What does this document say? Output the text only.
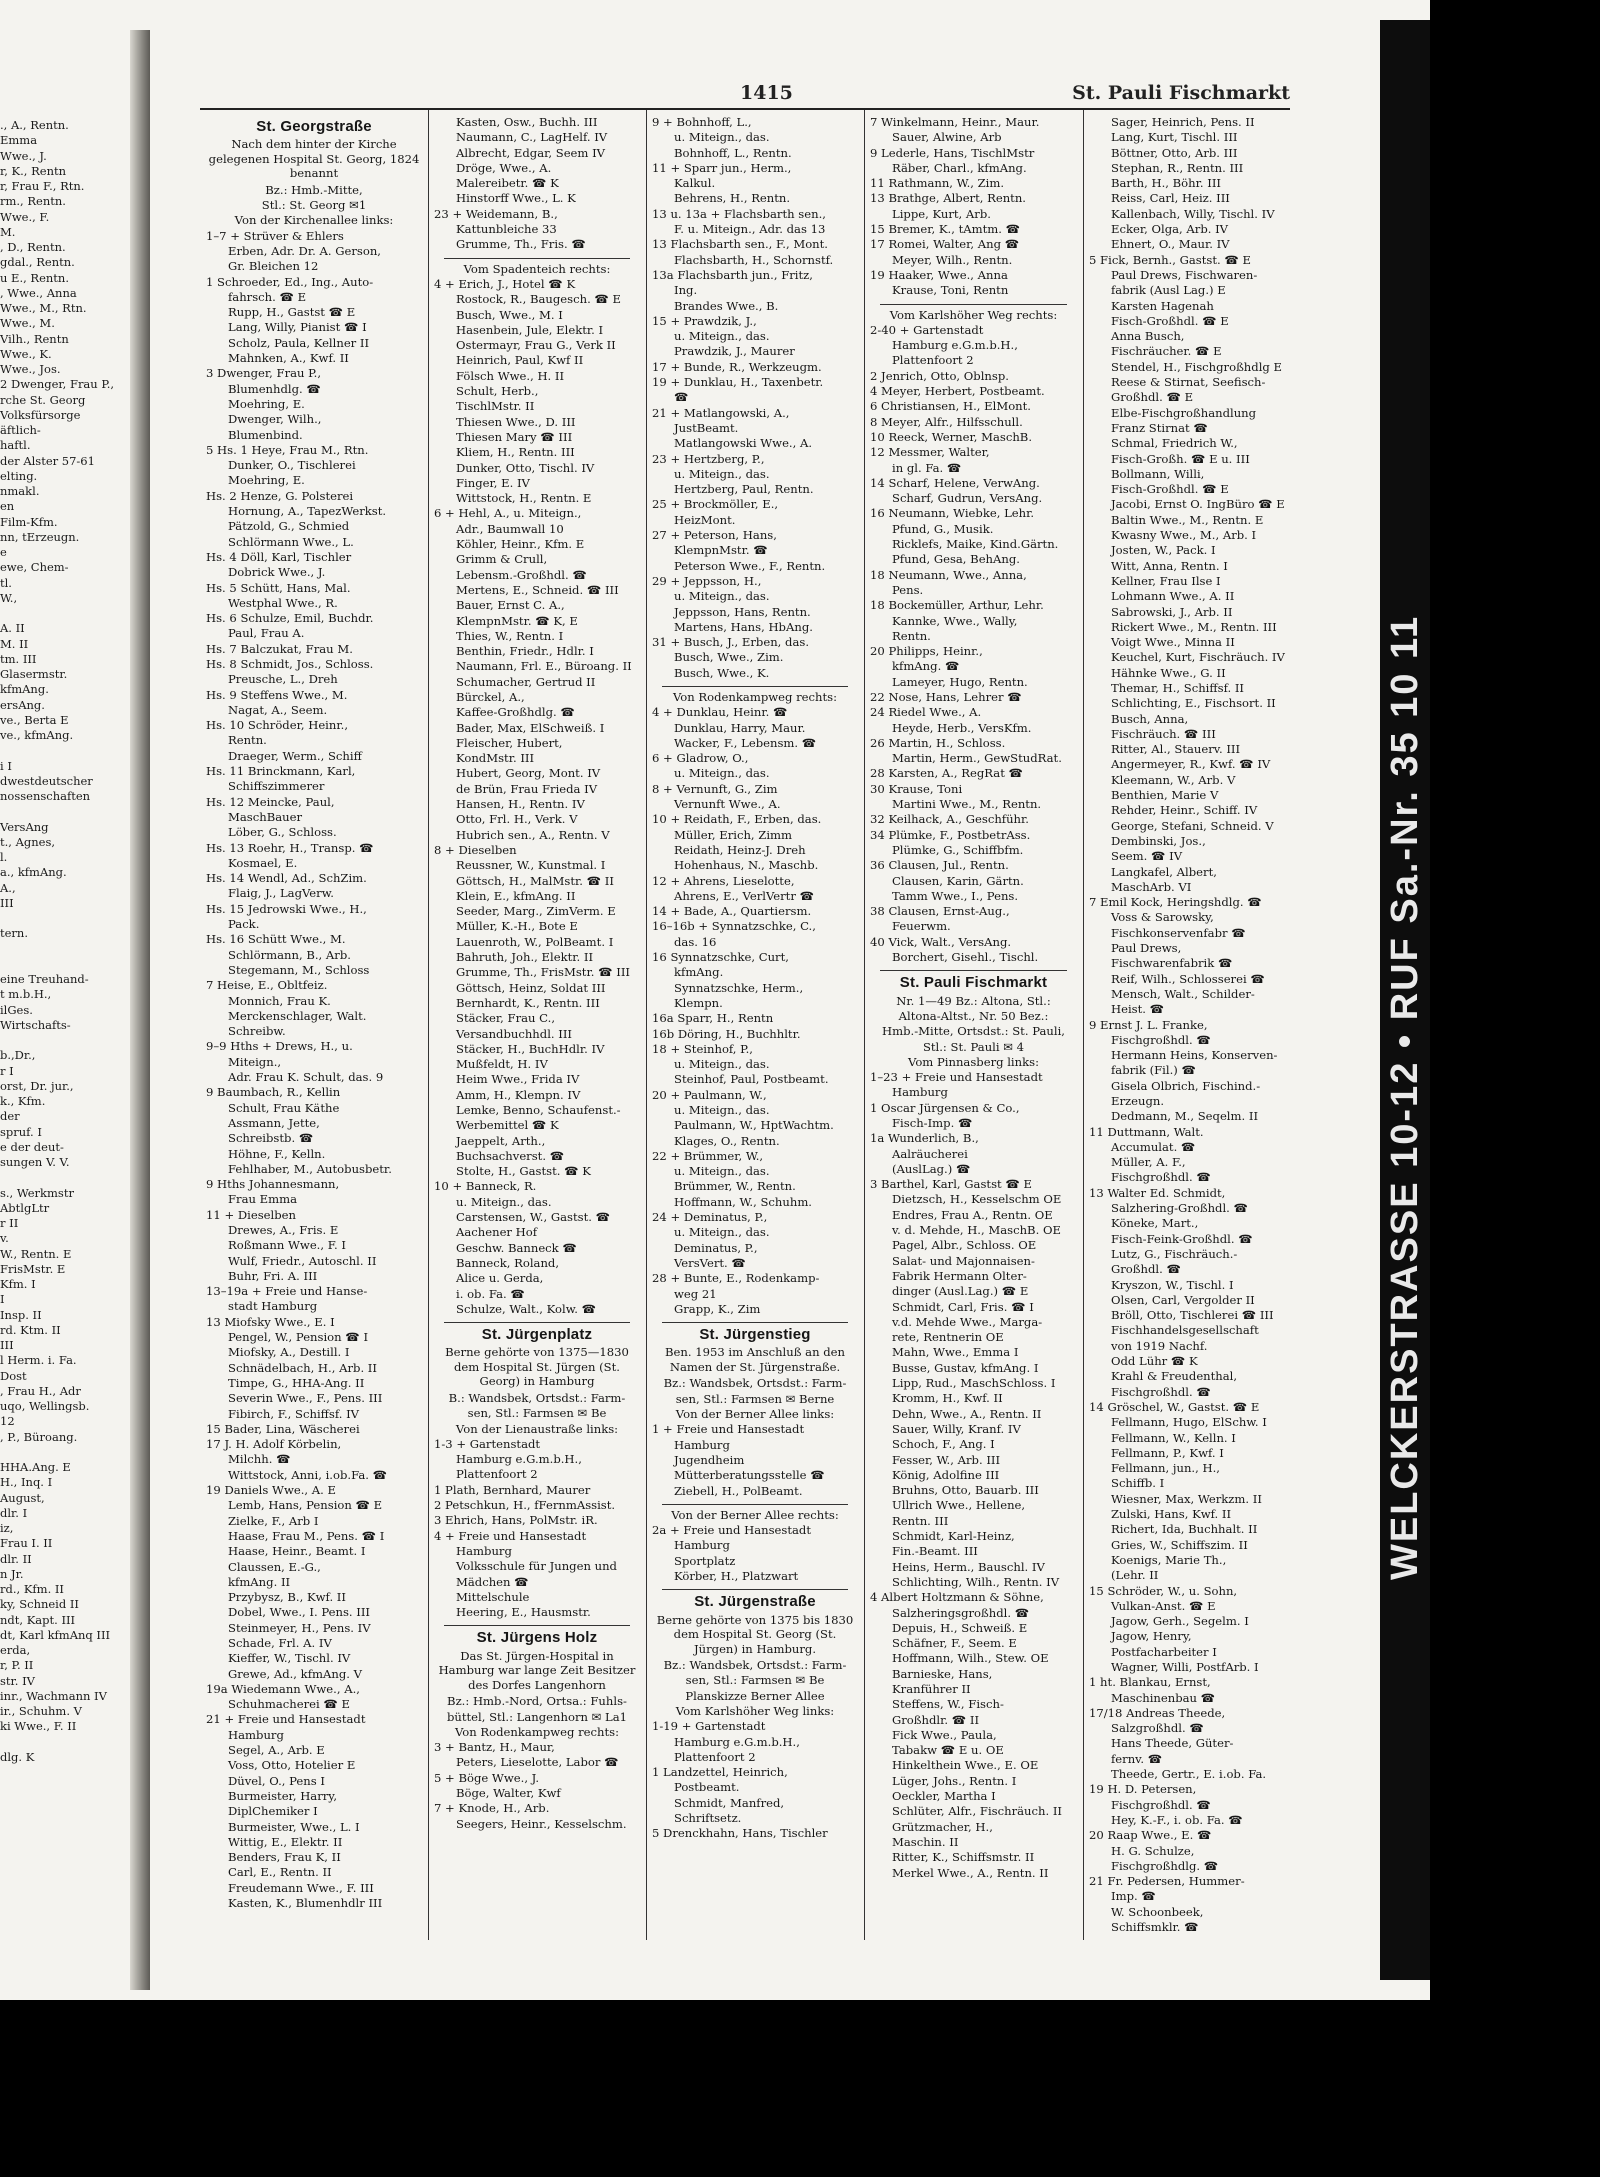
., A., Rentn.
Emma
Wwe., J.
r, K., Rentn
r, Frau F., Rtn.
rm., Rentn.
Wwe., F.
M.
, D., Rentn.
gdal., Rentn.
u E., Rentn.
, Wwe., Anna
Wwe., M., Rtn.
Wwe., M.
Vilh., Rentn
Wwe., K.
Wwe., Jos.
2 Dwenger, Frau P.,
rche St. Georg
Volksfürsorge
äftlich-
haftl.
der Alster 57-61
elting.
nmakl.
en
Film-Kfm.
nn, tErzeugn.
e
ewe, Chem-
tl.
W.,

A. II
M. II
tm. III
Glasermstr.
kfmAng.
ersAng.
ve., Berta E
ve., kfmAng.

i I
dwestdeutscher
nossenschaften

VersAng
t., Agnes,
l.
a., kfmAng.
A.,
III

tern.

eine Treuhand-
t m.b.H.,
ilGes.
Wirtschafts-

b.,Dr.,
r I
orst, Dr. jur.,
k., Kfm.
der
spruf. I
e der deut-
sungen V. V.

s., Werkmstr
AbtlgLtr
r II
v.
W., Rentn. E
FrisMstr. E
Kfm. I
I
Insp. II
rd. Ktm. II
III
l Herm. i. Fa.
Dost
, Frau H., Adr
uqo, Wellingsb.
12
, P., Büroang.

HHA.Ang. E
H., Inq. I
August,
dlr. I
iz,
Frau I. II
dlr. II
n Jr.
rd., Kfm. II
ky, Schneid II
ndt, Kapt. III
dt, Karl kfmAnq III
erda,
r, P. II
str. IV
inr., Wachmann IV
ir., Schuhm. V
ki Wwe., F. II

dlg. K
1415	St. Pauli Fischmarkt
St. Georgstraße
Nach dem hinter der Kirche gelegenen Hospital St. Georg, 1824 benannt
Bz.: Hmb.-Mitte,
Stl.: St. Georg ✉1
Von der Kirchenallee links:
1–7 + Strüver & Ehlers
Erben, Adr. Dr. A. Gerson,
Gr. Bleichen 12
1 Schroeder, Ed., Ing., Auto-
fahrsch. ☎ E
Rupp, H., Gastst ☎ E
Lang, Willy, Pianist ☎ I
Scholz, Paula, Kellner II
Mahnken, A., Kwf. II
3 Dwenger, Frau P.,
Blumenhdlg. ☎
Moehring, E.
Dwenger, Wilh.,
Blumenbind.
5 Hs. 1 Heye, Frau M., Rtn.
Dunker, O., Tischlerei
Moehring, E.
Hs. 2 Henze, G. Polsterei
Hornung, A., TapezWerkst.
Pätzold, G., Schmied
Schlörmann Wwe., L.
Hs. 4 Döll, Karl, Tischler
Dobrick Wwe., J.
Hs. 5 Schütt, Hans, Mal.
Westphal Wwe., R.
Hs. 6 Schulze, Emil, Buchdr.
Paul, Frau A.
Hs. 7 Balczukat, Frau M.
Hs. 8 Schmidt, Jos., Schloss.
Preusche, L., Dreh
Hs. 9 Steffens Wwe., M.
Nagat, A., Seem.
Hs. 10 Schröder, Heinr.,
Rentn.
Draeger, Werm., Schiff
Hs. 11 Brinckmann, Karl,
Schiffszimmerer
Hs. 12 Meincke, Paul,
MaschBauer
Löber, G., Schloss.
Hs. 13 Roehr, H., Transp. ☎
Kosmael, E.
Hs. 14 Wendl, Ad., SchZim.
Flaig, J., LagVerw.
Hs. 15 Jedrowski Wwe., H.,
Pack.
Hs. 16 Schütt Wwe., M.
Schlörmann, B., Arb.
Stegemann, M., Schloss
7 Heise, E., Obltfeiz.
Monnich, Frau K.
Merckenschlager, Walt.
Schreibw.
9–9 Hths + Drews, H., u.
Miteign.,
Adr. Frau K. Schult, das. 9
9 Baumbach, R., Kellin
Schult, Frau Käthe
Assmann, Jette,
Schreibstb. ☎
Höhne, F., Kelln.
Fehlhaber, M., Autobusbetr.
9 Hths Johannesmann,
Frau Emma
11 + Dieselben
Drewes, A., Fris. E
Roßmann Wwe., F. I
Wulf, Friedr., Autoschl. II
Buhr, Fri. A. III
13–19a + Freie und Hanse-
stadt Hamburg
13 Miofsky Wwe., E. I
Pengel, W., Pension ☎ I
Miofsky, A., Destill. I
Schnädelbach, H., Arb. II
Timpe, G., HHA-Ang. II
Severin Wwe., F., Pens. III
Fibirch, F., Schiffsf. IV
15 Bader, Lina, Wäscherei
17 J. H. Adolf Körbelin,
Milchh. ☎
Wittstock, Anni, i.ob.Fa. ☎
19 Daniels Wwe., A. E
Lemb, Hans, Pension ☎ E
Zielke, F., Arb I
Haase, Frau M., Pens. ☎ I
Haase, Heinr., Beamt. I
Claussen, E.-G.,
kfmAng. II
Przybysz, B., Kwf. II
Dobel, Wwe., I. Pens. III
Steinmeyer, H., Pens. IV
Schade, Frl. A. IV
Kieffer, W., Tischl. IV
Grewe, Ad., kfmAng. V
19a Wiedemann Wwe., A.,
Schuhmacherei ☎ E
21 + Freie und Hansestadt
Hamburg
Segel, A., Arb. E
Voss, Otto, Hotelier E
Düvel, O., Pens I
Burmeister, Harry,
DiplChemiker I
Burmeister, Wwe., L. I
Wittig, E., Elektr. II
Benders, Frau K, II
Carl, E., Rentn. II
Freudemann Wwe., F. III
Kasten, K., Blumenhdlr III
Kasten, Osw., Buchh. III
Naumann, C., LagHelf. IV
Albrecht, Edgar, Seem IV
Dröge, Wwe., A.
Malereibetr. ☎ K
Hinstorff Wwe., L. K
23 + Weidemann, B.,
Kattunbleiche 33
Grumme, Th., Fris. ☎
Vom Spadenteich rechts:
4 + Erich, J., Hotel ☎ K
Rostock, R., Baugesch. ☎ E
Busch, Wwe., M. I
Hasenbein, Jule, Elektr. I
Ostermayr, Frau G., Verk II
Heinrich, Paul, Kwf II
Fölsch Wwe., H. II
Schult, Herb.,
TischlMstr. II
Thiesen Wwe., D. III
Thiesen Mary ☎ III
Kliem, H., Rentn. III
Dunker, Otto, Tischl. IV
Finger, E. IV
Wittstock, H., Rentn. E
6 + Hehl, A., u. Miteign.,
Adr., Baumwall 10
Köhler, Heinr., Kfm. E
Grimm & Crull,
Lebensm.-Großhdl. ☎
Mertens, E., Schneid. ☎ III
Bauer, Ernst C. A.,
KlempnMstr. ☎ K, E
Thies, W., Rentn. I
Benthin, Friedr., Hdlr. I
Naumann, Frl. E., Büroang. II
Schumacher, Gertrud II
Bürckel, A.,
Kaffee-Großhdlg. ☎
Bader, Max, ElSchweiß. I
Fleischer, Hubert,
KondMstr. III
Hubert, Georg, Mont. IV
de Brün, Frau Frieda IV
Hansen, H., Rentn. IV
Otto, Frl. H., Verk. V
Hubrich sen., A., Rentn. V
8 + Dieselben
Reussner, W., Kunstmal. I
Göttsch, H., MalMstr. ☎ II
Klein, E., kfmAng. II
Seeder, Marg., ZimVerm. E
Müller, K.-H., Bote E
Lauenroth, W., PolBeamt. I
Bahruth, Joh., Elektr. II
Grumme, Th., FrisMstr. ☎ III
Göttsch, Heinz, Soldat III
Bernhardt, K., Rentn. III
Stäcker, Frau C.,
Versandbuchhdl. III
Stäcker, H., BuchHdlr. IV
Mußfeldt, H. IV
Heim Wwe., Frida IV
Amm, H., Klempn. IV
Lemke, Benno, Schaufenst.-
Werbemittel ☎ K
Jaeppelt, Arth.,
Buchsachverst. ☎
Stolte, H., Gastst. ☎ K
10 + Banneck, R.
u. Miteign., das.
Carstensen, W., Gastst. ☎
Aachener Hof
Geschw. Banneck ☎
Banneck, Roland,
Alice u. Gerda,
i. ob. Fa. ☎
Schulze, Walt., Kolw. ☎
St. Jürgenplatz
Berne gehörte von 1375—1830 dem Hospital St. Jürgen (St. Georg) in Hamburg
B.: Wandsbek, Ortsdst.: Farm-
sen, Stl.: Farmsen ✉ Be
Von der Lienaustraße links:
1-3 + Gartenstadt
Hamburg e.G.m.b.H.,
Plattenfoort 2
1 Plath, Bernhard, Maurer
2 Petschkun, H., fFernmAssist.
3 Ehrich, Hans, PolMstr. iR.
4 + Freie und Hansestadt
Hamburg
Volksschule für Jungen und
Mädchen ☎
Mittelschule
Heering, E., Hausmstr.
St. Jürgens Holz
Das St. Jürgen-Hospital in Hamburg war lange Zeit Besitzer des Dorfes Langenhorn
Bz.: Hmb.-Nord, Ortsa.: Fuhls-
büttel, Stl.: Langenhorn ✉ La1
Von Rodenkampweg rechts:
3 + Bantz, H., Maur,
Peters, Lieselotte, Labor ☎
5 + Böge Wwe., J.
Böge, Walter, Kwf
7 + Knode, H., Arb.
Seegers, Heinr., Kesselschm.
9 + Bohnhoff, L.,
u. Miteign., das.
Bohnhoff, L., Rentn.
11 + Sparr jun., Herm.,
Kalkul.
Behrens, H., Rentn.
13 u. 13a + Flachsbarth sen.,
F. u. Miteign., Adr. das 13
13 Flachsbarth sen., F., Mont.
Flachsbarth, H., Schornstf.
13a Flachsbarth jun., Fritz,
Ing.
Brandes Wwe., B.
15 + Prawdzik, J.,
u. Miteign., das.
Prawdzik, J., Maurer
17 + Bunde, R., Werkzeugm.
19 + Dunklau, H., Taxenbetr.
☎
21 + Matlangowski, A.,
JustBeamt.
Matlangowski Wwe., A.
23 + Hertzberg, P.,
u. Miteign., das.
Hertzberg, Paul, Rentn.
25 + Brockmöller, E.,
HeizMont.
27 + Peterson, Hans,
KlempnMstr. ☎
Peterson Wwe., F., Rentn.
29 + Jeppsson, H.,
u. Miteign., das.
Jeppsson, Hans, Rentn.
Martens, Hans, HbAng.
31 + Busch, J., Erben, das.
Busch, Wwe., Zim.
Busch, Wwe., K.
Von Rodenkampweg rechts:
4 + Dunklau, Heinr. ☎
Dunklau, Harry, Maur.
Wacker, F., Lebensm. ☎
6 + Gladrow, O.,
u. Miteign., das.
8 + Vernunft, G., Zim
Vernunft Wwe., A.
10 + Reidath, F., Erben, das.
Müller, Erich, Zimm
Reidath, Heinz-J. Dreh
Hohenhaus, N., Maschb.
12 + Ahrens, Lieselotte,
Ahrens, E., VerlVertr ☎
14 + Bade, A., Quartiersm.
16–16b + Synnatzschke, C.,
das. 16
16 Synnatzschke, Curt,
kfmAng.
Synnatzschke, Herm.,
Klempn.
16a Sparr, H., Rentn
16b Döring, H., Buchhltr.
18 + Steinhof, P.,
u. Miteign., das.
Steinhof, Paul, Postbeamt.
20 + Paulmann, W.,
u. Miteign., das.
Paulmann, W., HptWachtm.
Klages, O., Rentn.
22 + Brümmer, W.,
u. Miteign., das.
Brümmer, W., Rentn.
Hoffmann, W., Schuhm.
24 + Deminatus, P.,
u. Miteign., das.
Deminatus, P.,
VersVert. ☎
28 + Bunte, E., Rodenkamp-
weg 21
Grapp, K., Zim
St. Jürgenstieg
Ben. 1953 im Anschluß an den Namen der St. Jürgenstraße.
Bz.: Wandsbek, Ortsdst.: Farm-
sen, Stl.: Farmsen ✉ Berne
Von der Berner Allee links:
1 + Freie und Hansestadt
Hamburg
Jugendheim
Mütterberatungsstelle ☎
Ziebell, H., PolBeamt.
Von der Berner Allee rechts:
2a + Freie und Hansestadt
Hamburg
Sportplatz
Körber, H., Platzwart
St. Jürgenstraße
Berne gehörte von 1375 bis 1830 dem Hospital St. Georg (St. Jürgen) in Hamburg.
Bz.: Wandsbek, Ortsdst.: Farm-
sen, Stl.: Farmsen ✉ Be
Planskizze Berner Allee
Vom Karlshöher Weg links:
1-19 + Gartenstadt
Hamburg e.G.m.b.H.,
Plattenfoort 2
1 Landzettel, Heinrich,
Postbeamt.
Schmidt, Manfred,
Schriftsetz.
5 Drenckhahn, Hans, Tischler
7 Winkelmann, Heinr., Maur.
Sauer, Alwine, Arb
9 Lederle, Hans, TischlMstr
Räber, Charl., kfmAng.
11 Rathmann, W., Zim.
13 Brathge, Albert, Rentn.
Lippe, Kurt, Arb.
15 Bremer, K., tAmtm. ☎
17 Romei, Walter, Ang ☎
Meyer, Wilh., Rentn.
19 Haaker, Wwe., Anna
Krause, Toni, Rentn
Vom Karlshöher Weg rechts:
2-40 + Gartenstadt
Hamburg e.G.m.b.H.,
Plattenfoort 2
2 Jenrich, Otto, Oblnsp.
4 Meyer, Herbert, Postbeamt.
6 Christiansen, H., ElMont.
8 Meyer, Alfr., Hilfsschull.
10 Reeck, Werner, MaschB.
12 Messmer, Walter,
in gl. Fa. ☎
14 Scharf, Helene, VerwAng.
Scharf, Gudrun, VersAng.
16 Neumann, Wiebke, Lehr.
Pfund, G., Musik.
Ricklefs, Maike, Kind.Gärtn.
Pfund, Gesa, BehAng.
18 Neumann, Wwe., Anna,
Pens.
18 Bockemüller, Arthur, Lehr.
Kannke, Wwe., Wally,
Rentn.
20 Philipps, Heinr.,
kfmAng. ☎
Lameyer, Hugo, Rentn.
22 Nose, Hans, Lehrer ☎
24 Riedel Wwe., A.
Heyde, Herb., VersKfm.
26 Martin, H., Schloss.
Martin, Herm., GewStudRat.
28 Karsten, A., RegRat ☎
30 Krause, Toni
Martini Wwe., M., Rentn.
32 Keilhack, A., Geschführ.
34 Plümke, F., PostbetrAss.
Plümke, G., Schiffbfm.
36 Clausen, Jul., Rentn.
Clausen, Karin, Gärtn.
Tamm Wwe., I., Pens.
38 Clausen, Ernst-Aug.,
Feuerwm.
40 Vick, Walt., VersAng.
Borchert, Gisehl., Tischl.
St. Pauli Fischmarkt
Nr. 1—49 Bz.: Altona, Stl.:
Altona-Altst., Nr. 50 Bez.:
Hmb.-Mitte, Ortsdst.: St. Pauli,
Stl.: St. Pauli ✉ 4
Vom Pinnasberg links:
1–23 + Freie und Hansestadt
Hamburg
1 Oscar Jürgensen & Co.,
Fisch-Imp. ☎
1a Wunderlich, B.,
Aalräucherei
(AuslLag.) ☎
3 Barthel, Karl, Gastst ☎ E
Dietzsch, H., Kesselschm OE
Endres, Frau A., Rentn. OE
v. d. Mehde, H., MaschB. OE
Pagel, Albr., Schloss. OE
Salat- und Majonnaisen-
Fabrik Hermann Olter-
dinger (Ausl.Lag.) ☎ E
Schmidt, Carl, Fris. ☎ I
v.d. Mehde Wwe., Marga-
rete, Rentnerin OE
Mahn, Wwe., Emma I
Busse, Gustav, kfmAng. I
Lipp, Rud., MaschSchloss. I
Kromm, H., Kwf. II
Dehn, Wwe., A., Rentn. II
Sauer, Willy, Kranf. IV
Schoch, F., Ang. I
Fesser, W., Arb. III
König, Adolfine III
Bruhns, Otto, Bauarb. III
Ullrich Wwe., Hellene,
Rentn. III
Schmidt, Karl-Heinz,
Fin.-Beamt. III
Heins, Herm., Bauschl. IV
Schlichting, Wilh., Rentn. IV
4 Albert Holtzmann & Söhne,
Salzheringsgroßhdl. ☎
Depuis, H., Schweiß. E
Schäfner, F., Seem. E
Hoffmann, Wilh., Stew. OE
Barnieske, Hans,
Kranführer II
Steffens, W., Fisch-
Großhdlr. ☎ II
Fick Wwe., Paula,
Tabakw ☎ E u. OE
Hinkelthein Wwe., E. OE
Lüger, Johs., Rentn. I
Oeckler, Martha I
Schlüter, Alfr., Fischräuch. II
Grützmacher, H.,
Maschin. II
Ritter, K., Schiffsmstr. II
Merkel Wwe., A., Rentn. II
Sager, Heinrich, Pens. II
Lang, Kurt, Tischl. III
Böttner, Otto, Arb. III
Stephan, R., Rentn. III
Barth, H., Böhr. III
Reiss, Carl, Heiz. III
Kallenbach, Willy, Tischl. IV
Ecker, Olga, Arb. IV
Ehnert, O., Maur. IV
5 Fick, Bernh., Gastst. ☎ E
Paul Drews, Fischwaren-
fabrik (Ausl Lag.) E
Karsten Hagenah
Fisch-Großhdl. ☎ E
Anna Busch,
Fischräucher. ☎ E
Stendel, H., Fischgroßhdlg E
Reese & Stirnat, Seefisch-
Großhdl. ☎ E
Elbe-Fischgroßhandlung
Franz Stirnat ☎
Schmal, Friedrich W.,
Fisch-Großh. ☎ E u. III
Bollmann, Willi,
Fisch-Großhdl. ☎ E
Jacobi, Ernst O. IngBüro ☎ E
Baltin Wwe., M., Rentn. E
Kwasny Wwe., M., Arb. I
Josten, W., Pack. I
Witt, Anna, Rentn. I
Kellner, Frau Ilse I
Lohmann Wwe., A. II
Sabrowski, J., Arb. II
Rickert Wwe., M., Rentn. III
Voigt Wwe., Minna II
Keuchel, Kurt, Fischräuch. IV
Hähnke Wwe., G. II
Themar, H., Schiffsf. II
Schlichting, E., Fischsort. II
Busch, Anna,
Fischräuch. ☎ III
Ritter, Al., Stauerv. III
Angermeyer, R., Kwf. ☎ IV
Kleemann, W., Arb. V
Benthien, Marie V
Rehder, Heinr., Schiff. IV
George, Stefani, Schneid. V
Dembinski, Jos.,
Seem. ☎ IV
Langkafel, Albert,
MaschArb. VI
7 Emil Kock, Heringshdlg. ☎
Voss & Sarowsky,
Fischkonservenfabr ☎
Paul Drews,
Fischwarenfabrik ☎
Reif, Wilh., Schlosserei ☎
Mensch, Walt., Schilder-
Heist. ☎
9 Ernst J. L. Franke,
Fischgroßhdl. ☎
Hermann Heins, Konserven-
fabrik (Fil.) ☎
Gisela Olbrich, Fischind.-
Erzeugn.
Dedmann, M., Seqelm. II
11 Duttmann, Walt.
Accumulat. ☎
Müller, A. F.,
Fischgroßhdl. ☎
13 Walter Ed. Schmidt,
Salzhering-Großhdl. ☎
Köneke, Mart.,
Fisch-Feink-Großhdl. ☎
Lutz, G., Fischräuch.-
Großhdl. ☎
Kryszon, W., Tischl. I
Olsen, Carl, Vergolder II
Bröll, Otto, Tischlerei ☎ III
Fischhandelsgesellschaft
von 1919 Nachf.
Odd Lühr ☎ K
Krahl & Freudenthal,
Fischgroßhdl. ☎
14 Gröschel, W., Gastst. ☎ E
Fellmann, Hugo, ElSchw. I
Fellmann, W., Kelln. I
Fellmann, P., Kwf. I
Fellmann, jun., H.,
Schiffb. I
Wiesner, Max, Werkzm. II
Zulski, Hans, Kwf. II
Richert, Ida, Buchhalt. II
Gries, W., Schiffszim. II
Koenigs, Marie Th.,
(Lehr. II
15 Schröder, W., u. Sohn,
Vulkan-Anst. ☎ E
Jagow, Gerh., Segelm. I
Jagow, Henry,
Postfacharbeiter I
Wagner, Willi, PostfArb. I
1 ht. Blankau, Ernst,
Maschinenbau ☎
17/18 Andreas Theede,
Salzgroßhdl. ☎
Hans Theede, Güter-
fernv. ☎
Theede, Gertr., E. i.ob. Fa.
19 H. D. Petersen,
Fischgroßhdl. ☎
Hey, K.-F., i. ob. Fa. ☎
20 Raap Wwe., E. ☎
H. G. Schulze,
Fischgroßhdlg. ☎
21 Fr. Pedersen, Hummer-
Imp. ☎
W. Schoonbeek,
Schiffsmklr. ☎
WELCKERSTRASSE 10-12 • RUF Sa.-Nr. 35 10 11
